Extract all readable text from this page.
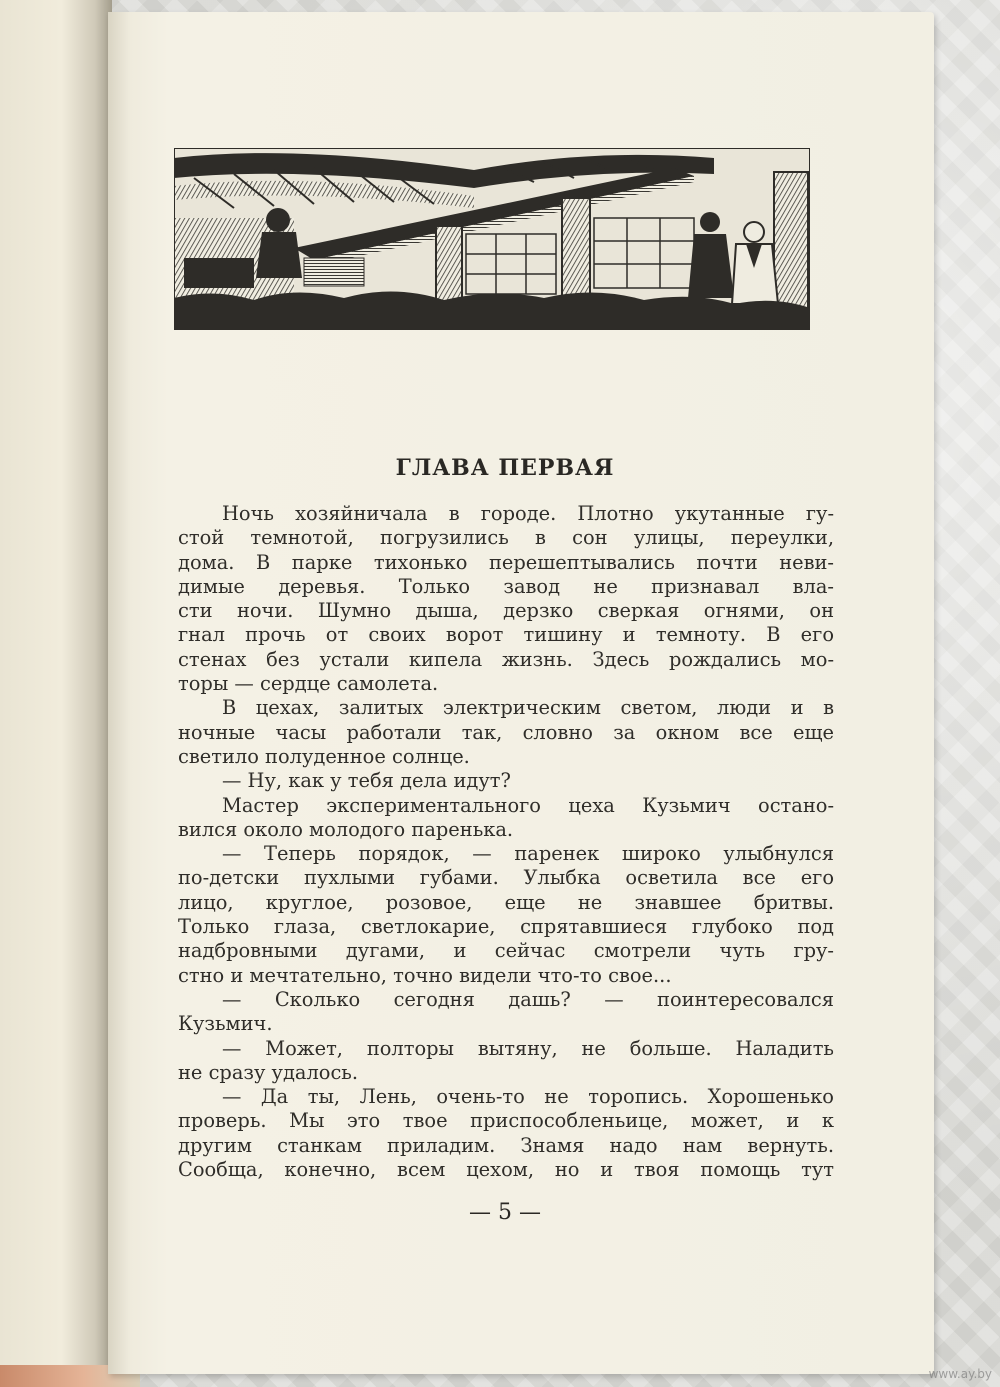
ГЛАВА ПЕРВАЯ
Ночь хозяйничала в городе. Плотно укутанные гу-
стой темнотой, погрузились в сон улицы, переулки,
дома. В парке тихонько перешептывались почти неви-
димые деревья. Только завод не признавал вла-
сти ночи. Шумно дыша, дерзко сверкая огнями, он
гнал прочь от своих ворот тишину и темноту. В его
стенах без устали кипела жизнь. Здесь рождались мо-
торы — сердце самолета.
В цехах, залитых электрическим светом, люди и в
ночные часы работали так, словно за окном все еще
светило полуденное солнце.
— Ну, как у тебя дела идут?
Мастер экспериментального цеха Кузьмич остано-
вился около молодого паренька.
— Теперь порядок, — паренек широко улыбнулся
по-детски пухлыми губами. Улыбка осветила все его
лицо, круглое, розовое, еще не знавшее бритвы.
Только глаза, светлокарие, спрятавшиеся глубоко под
надбровными дугами, и сейчас смотрели чуть гру-
стно и мечтательно, точно видели что-то свое...
— Сколько сегодня дашь? — поинтересовался
Кузьмич.
— Может, полторы вытяну, не больше. Наладить
не сразу удалось.
— Да ты, Лень, очень-то не торопись. Хорошенько
проверь. Мы это твое приспособленьице, может, и к
другим станкам приладим. Знамя надо нам вернуть.
Сообща, конечно, всем цехом, но и твоя помощь тут
— 5 —
www.ay.by
